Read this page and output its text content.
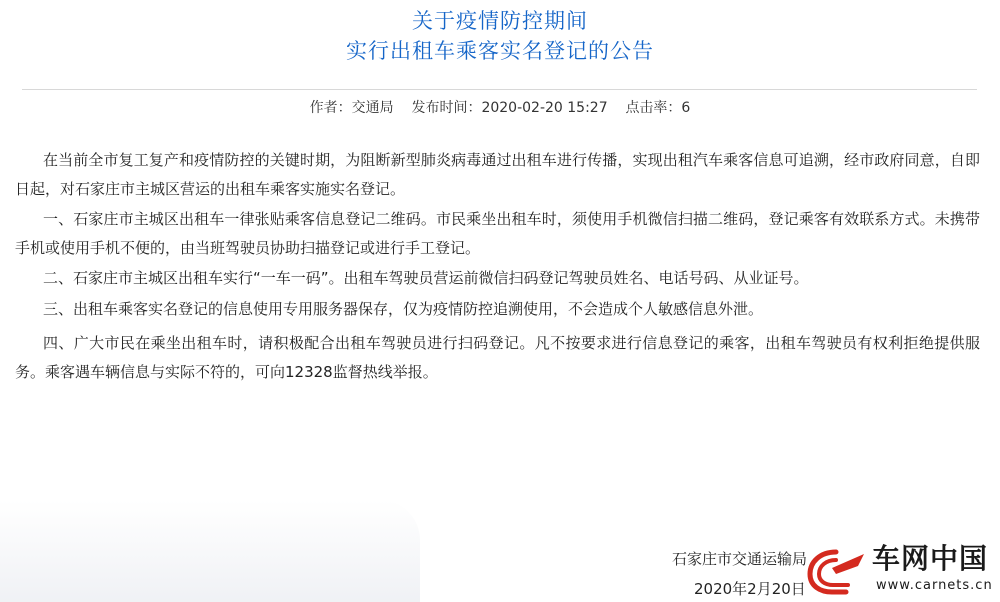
关于疫情防控期间
实行出租车乘客实名登记的公告
作者：交通局 发布时间：2020-02-20 15:27 点击率：6

在当前全市复工复产和疫情防控的关键时期，为阻断新型肺炎病毒通过出租车进行传播，实现出租汽车乘客信息可追溯，经市政府同意，自即日起，对石家庄市主城区营运的出租车乘客实施实名登记。

一、石家庄市主城区出租车一律张贴乘客信息登记二维码。市民乘坐出租车时，须使用手机微信扫描二维码，登记乘客有效联系方式。未携带手机或使用手机不便的，由当班驾驶员协助扫描登记或进行手工登记。

二、石家庄市主城区出租车实行“一车一码”。出租车驾驶员营运前微信扫码登记驾驶员姓名、电话号码、从业证号。

三、出租车乘客实名登记的信息使用专用服务器保存，仅为疫情防控追溯使用，不会造成个人敏感信息外泄。

四、广大市民在乘坐出租车时，请积极配合出租车驾驶员进行扫码登记。凡不按要求进行信息登记的乘客，出租车驾驶员有权利拒绝提供服务。乘客遇车辆信息与实际不符的，可向12328监督热线举报。

石家庄市交通运输局
2020年2月20日
车网中国
www.carnets.cn
